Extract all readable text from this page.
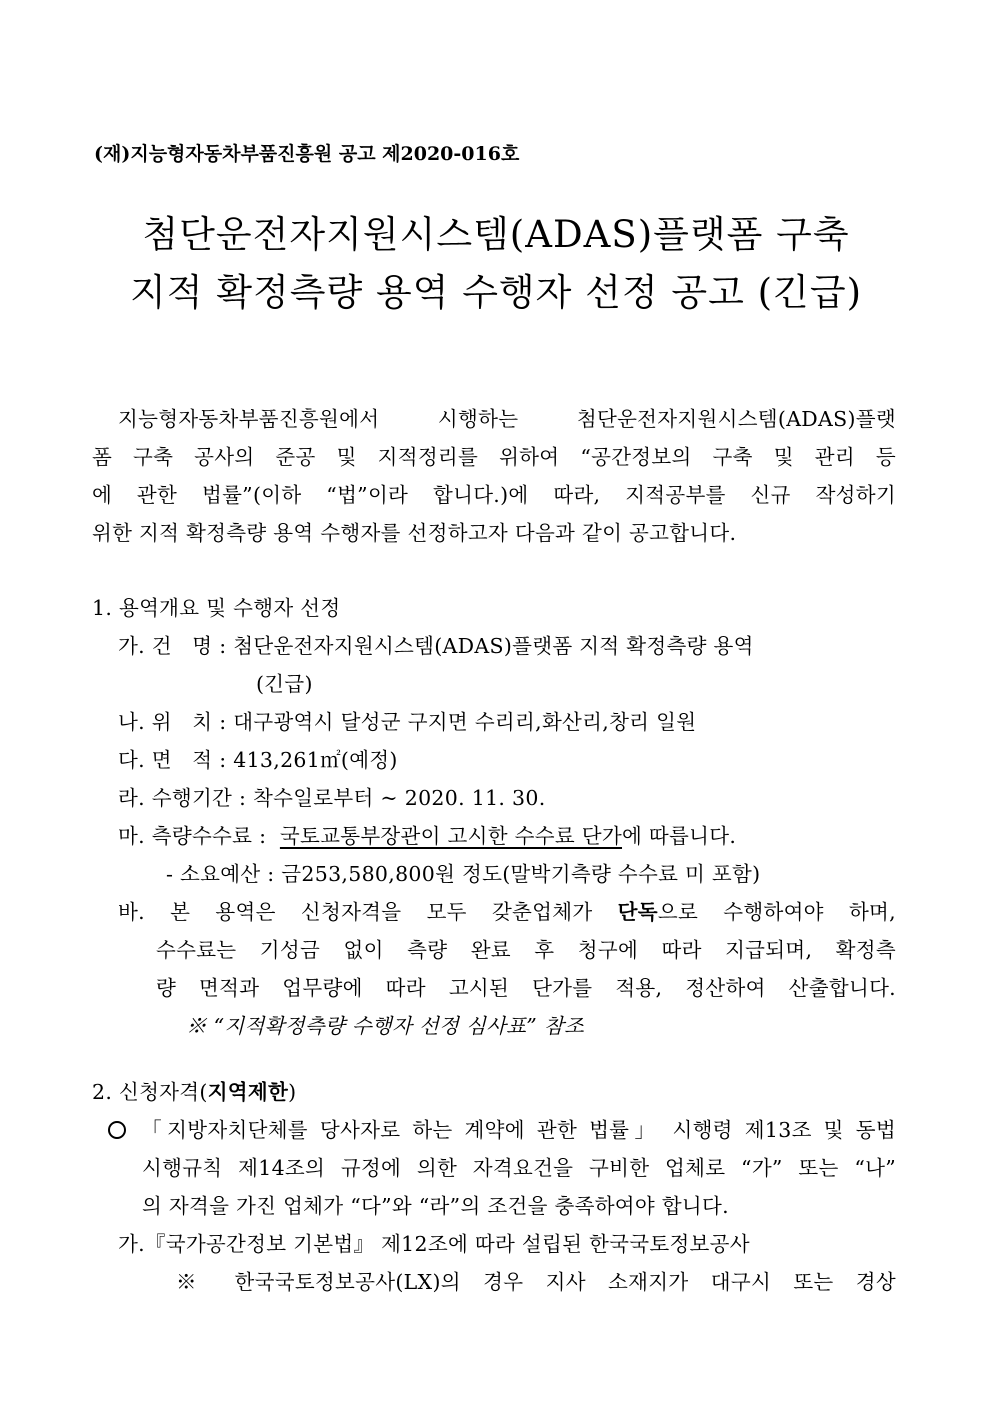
(재)지능형자동차부품진흥원 공고 제2020-016호
첨단운전자지원시스템(ADAS)플랫폼 구축
지적 확정측량 용역 수행자 선정 공고 (긴급)
지능형자동차부품진흥원에서 시행하는 첨단운전자지원시스템(ADAS)플랫
폼 구축 공사의 준공 및 지적정리를 위하여 “공간정보의 구축 및 관리 등
에 관한 법률”(이하 “법”이라 합니다.)에 따라, 지적공부를 신규 작성하기
위한 지적 확정측량 용역 수행자를 선정하고자 다음과 같이 공고합니다.
1. 용역개요 및 수행자 선정
가. 건   명 : 첨단운전자지원시스템(ADAS)플랫폼 지적 확정측량 용역
(긴급)
나. 위   치 : 대구광역시 달성군 구지면 수리리,화산리,창리 일원
다. 면   적 : 413,261㎡(예정)
라. 수행기간 : 착수일로부터 ~ 2020. 11. 30.
마. 측량수수료 :  국토교통부장관이 고시한 수수료 단가에 따릅니다.
- 소요예산 : 금253,580,800원 정도(말박기측량 수수료 미 포함)
바. 본 용역은 신청자격을 모두 갖춘업체가 단독으로 수행하여야 하며,
수수료는 기성금 없이 측량 완료 후 청구에 따라 지급되며, 확정측
량 면적과 업무량에 따라 고시된 단가를 적용, 정산하여 산출합니다.
※ “지적확정측량 수행자 선정 심사표” 참조
2. 신청자격(지역제한)
「지방자치단체를 당사자로 하는 계약에 관한 법률」 시행령 제13조 및 동법
시행규칙 제14조의 규정에 의한 자격요건을 구비한 업체로 “가” 또는 “나”
의 자격을 가진 업체가 “다”와 “라”의 조건을 충족하여야 합니다.
가.『국가공간정보 기본법』 제12조에 따라 설립된 한국국토정보공사
※ 한국국토정보공사(LX)의 경우 지사 소재지가 대구시 또는 경상
